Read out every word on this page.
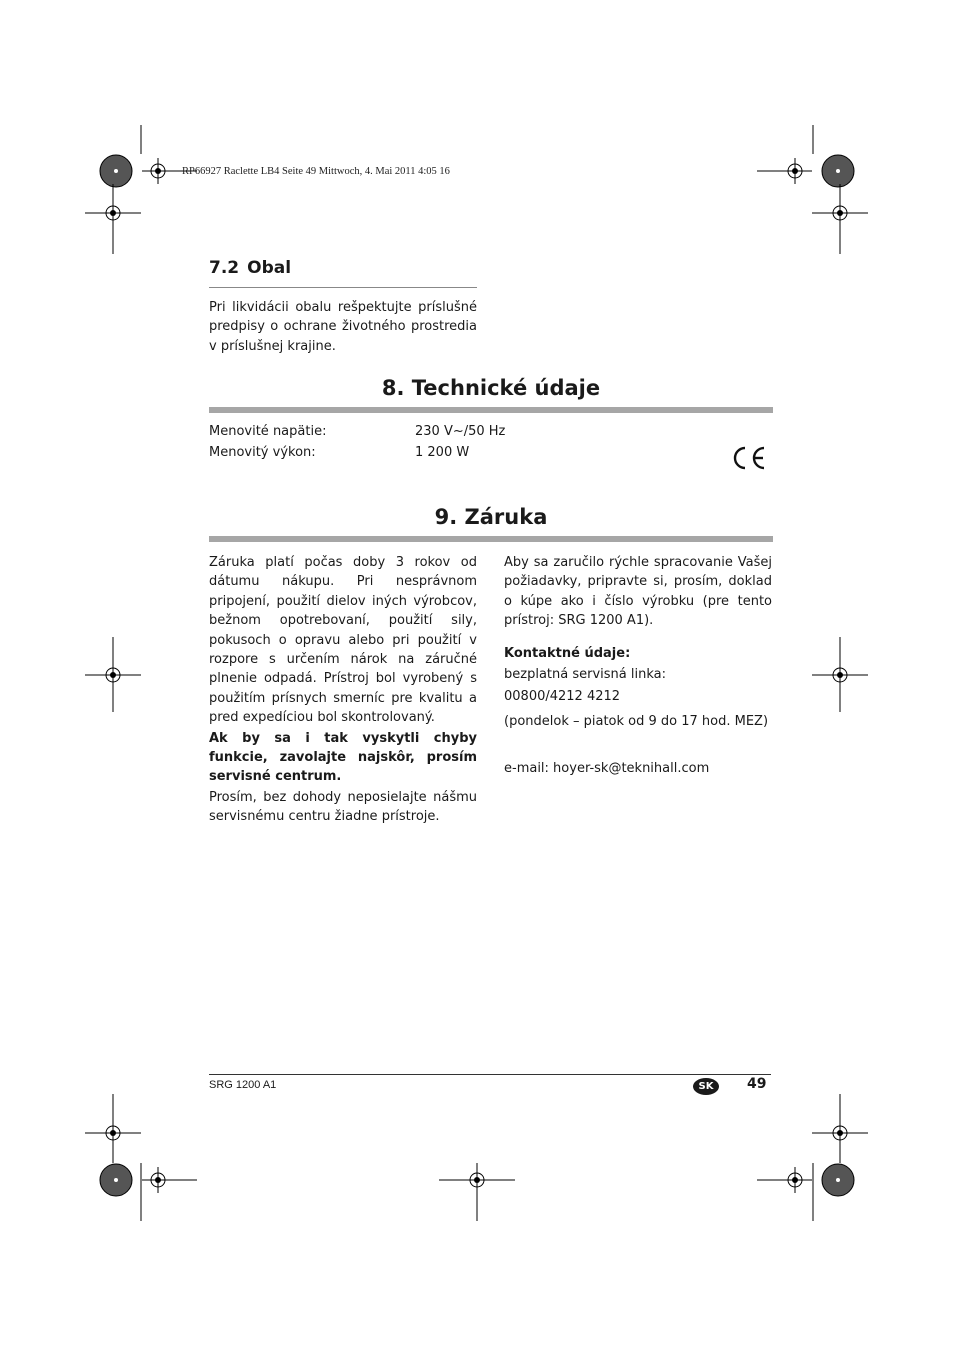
RP66927 Raclette LB4 Seite 49 Mittwoch, 4. Mai 2011 4:05 16
7.2 Obal
Pri likvidácii obalu rešpektujte príslušné predpisy o ochrane životného prostredia v príslušnej krajine.
8. Technické údaje
Menovité napätie:	230 V~/50 Hz
Menovitý výkon:	1 200 W
9. Záruka
Záruka platí počas doby 3 rokov od dátumu nákupu. Pri nesprávnom pripojení, použití dielov iných výrobcov, bežnom opotrebovaní, použití sily, pokusoch o opravu alebo pri použití v rozpore s určením nárok na záručné plnenie odpadá. Prístroj bol vyrobený s použitím prísnych smerníc pre kvalitu a pred expedíciou bol skontrolovaný.
Ak by sa i tak vyskytli chyby funkcie, zavolajte najskôr, prosím servisné centrum.
Prosím, bez dohody neposielajte nášmu servisnému centru žiadne prístroje.
Aby sa zaručilo rýchle spracovanie Vašej požiadavky, pripravte si, prosím, doklad o kúpe ako i číslo výrobku (pre tento prístroj: SRG 1200 A1).
Kontaktné údaje:
bezplatná servisná linka:
00800/4212 4212
(pondelok – piatok od 9 do 17 hod. MEZ)
e-mail: hoyer-sk@teknihall.com
SRG 1200 A1	SK	49
